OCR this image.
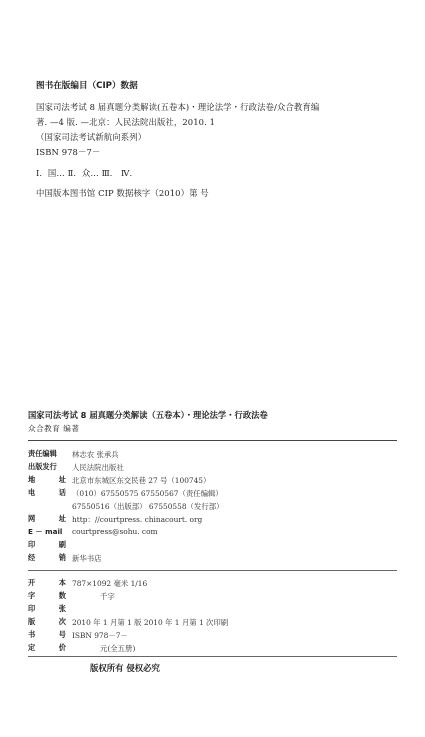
图书在版编目（CIP）数据
国家司法考试 8 届真题分类解读(五卷本)・理论法学・行政法卷/众合教育编
著. —4 版. —北京：人民法院出版社，2010. 1
（国家司法考试新航向系列）
ISBN 978－7－
Ⅰ．国… Ⅱ．众… Ⅲ． Ⅳ．
中国版本图书馆 CIP 数据核字（2010）第 号
国家司法考试 8 届真题分类解读（五卷本）・理论法学・行政法卷
众合教育 编著
责任编辑	林志农 张承兵
出版发行	人民法院出版社
地	址 北京市东城区东交民巷 27 号（100745）
电	话 （010）67550575 67550567（责任编辑）
67550516（出版部） 67550558（发行部）
网	址 http：//courtpress. chinacourt. org
E － mail	courtpress@sohu. com
印	刷
经	销 新华书店
开	本 787×1092 毫米 1/16
字	数	千字
印	张
版	次 2010 年 1 月第 1 版 2010 年 1 月第 1 次印刷
书	号 ISBN 978－7－
定	价	元(全五册)
版权所有 侵权必究
